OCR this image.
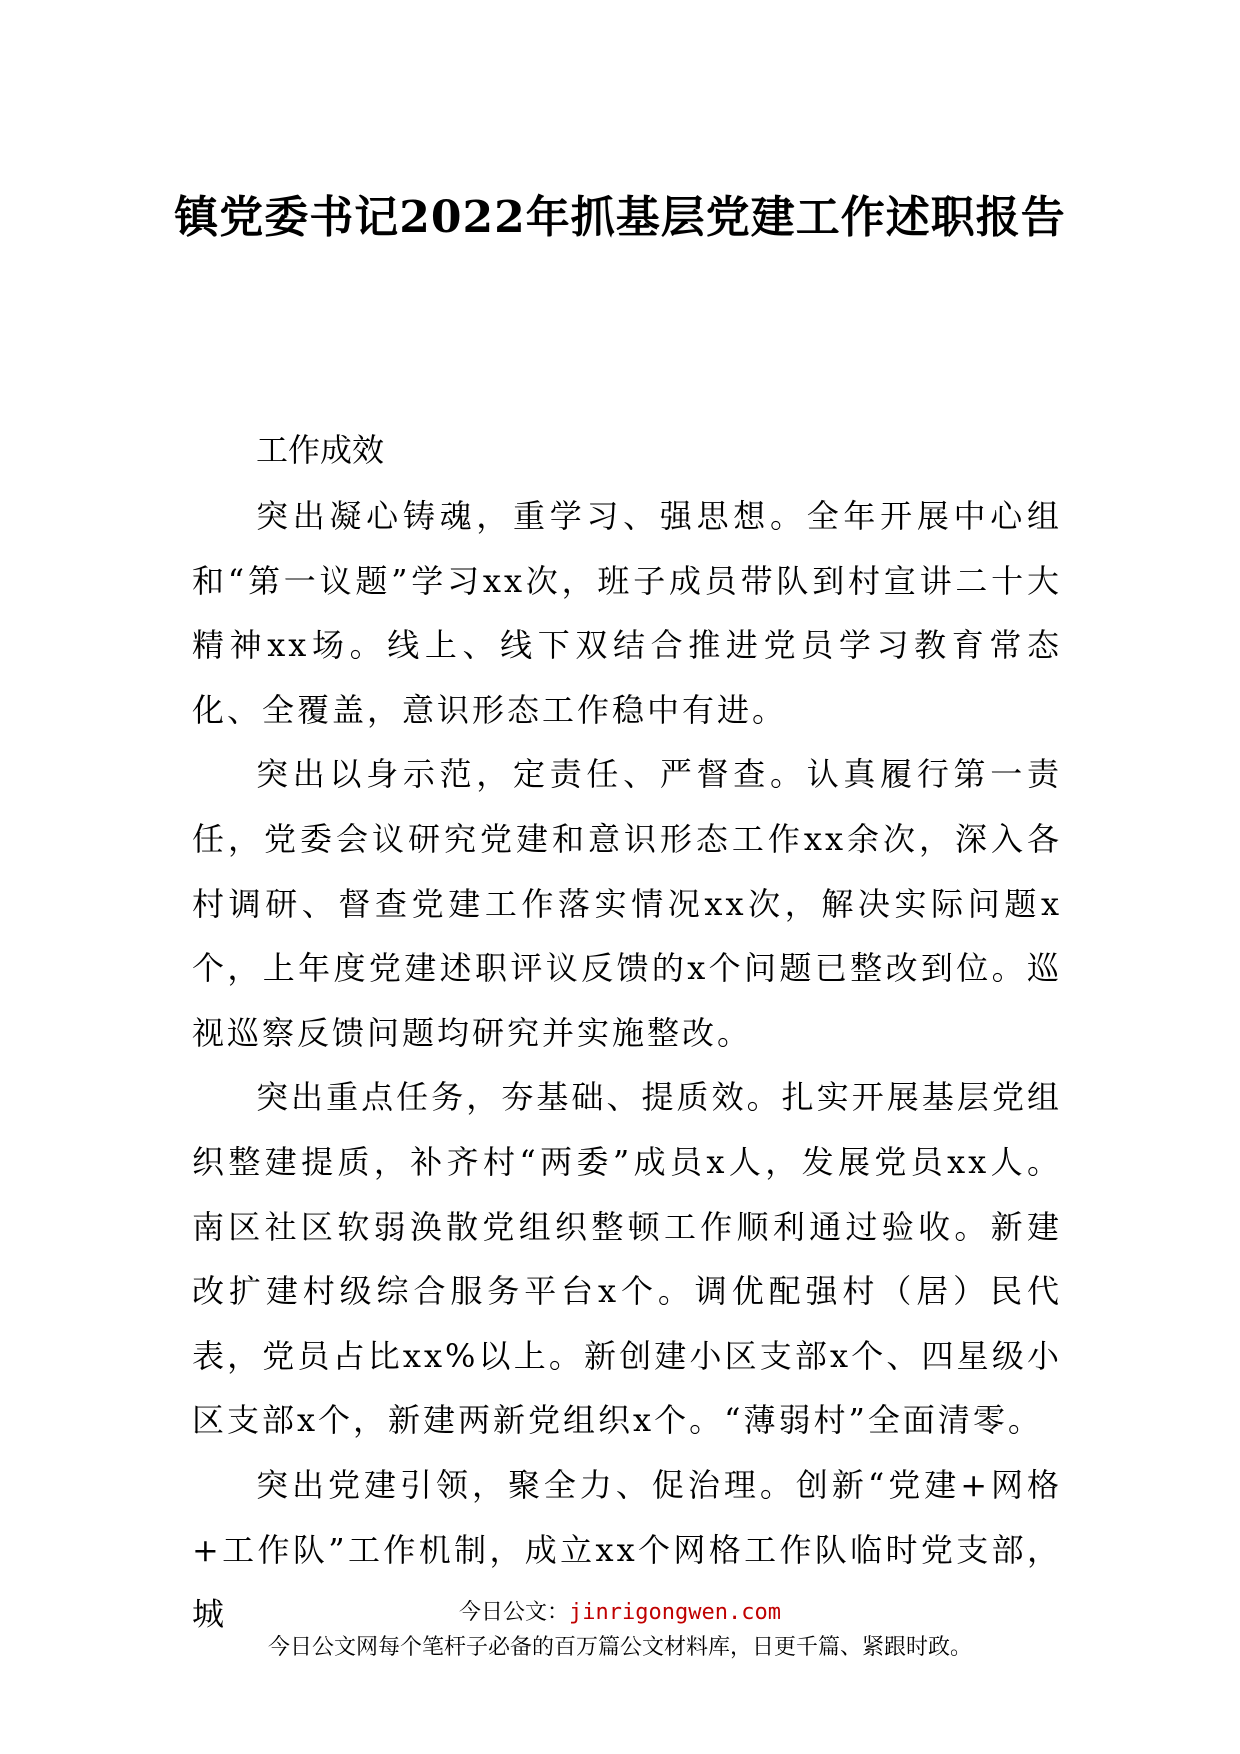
镇党委书记2022年抓基层党建工作述职报告
工作成效

突出凝心铸魂，重学习、强思想。全年开展中心组和“第一议题”学习xx次，班子成员带队到村宣讲二十大精神xx场。线上、线下双结合推进党员学习教育常态化、全覆盖，意识形态工作稳中有进。

突出以身示范，定责任、严督查。认真履行第一责任，党委会议研究党建和意识形态工作xx余次，深入各村调研、督查党建工作落实情况xx次，解决实际问题x个，上年度党建述职评议反馈的x个问题已整改到位。巡视巡察反馈问题均研究并实施整改。

突出重点任务，夯基础、提质效。扎实开展基层党组织整建提质，补齐村“两委”成员x人，发展党员xx人。南区社区软弱涣散党组织整顿工作顺利通过验收。新建改扩建村级综合服务平台x个。调优配强村（居）民代表，党员占比xx%以上。新创建小区支部x个、四星级小区支部x个，新建两新党组织x个。“薄弱村”全面清零。

突出党建引领，聚全力、促治理。创新“党建+网格+工作队”工作机制，成立xx个网格工作队临时党支部，城	今日公文：jinrigongwen.com
今日公文网每个笔杆子必备的百万篇公文材料库，日更千篇、紧跟时政。
